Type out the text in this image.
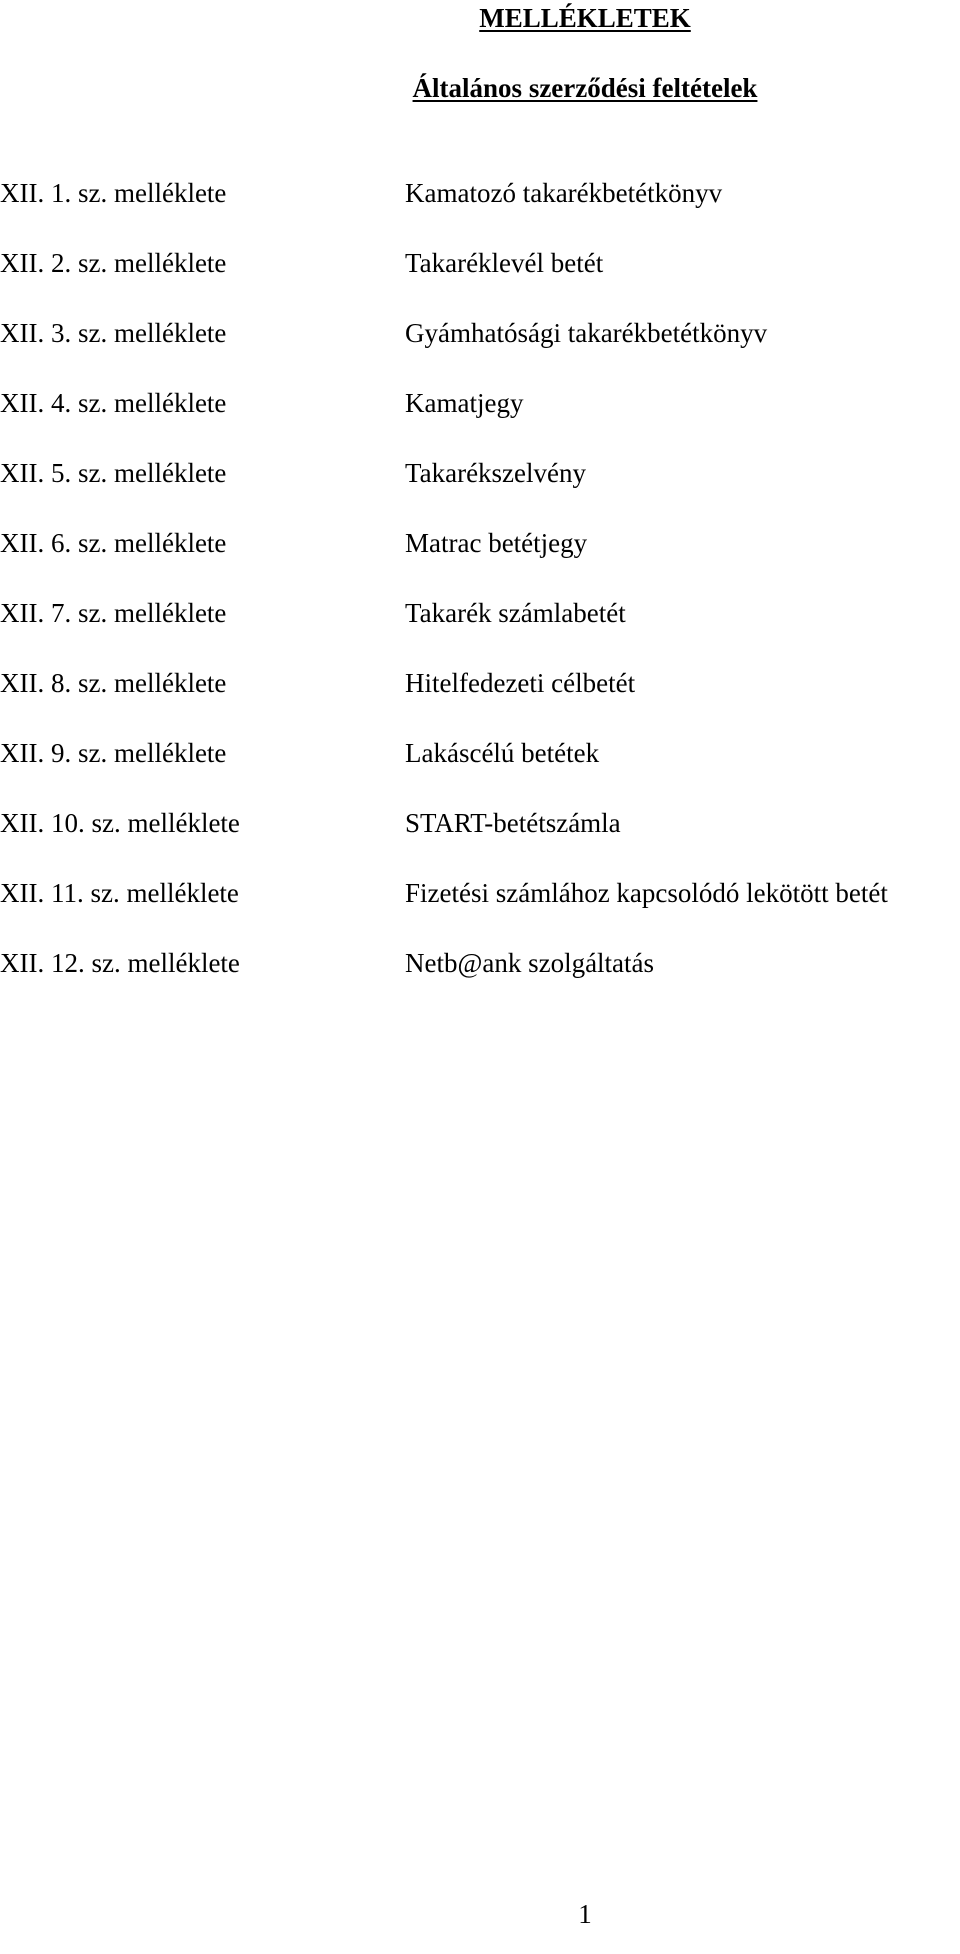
MELLÉKLETEK
Általános szerződési feltételek
XII. 1. sz. melléklete	Kamatozó takarékbetétkönyv
XII. 2. sz. melléklete	Takaréklevél betét
XII. 3. sz. melléklete	Gyámhatósági takarékbetétkönyv
XII. 4. sz. melléklete	Kamatjegy
XII. 5. sz. melléklete	Takarékszelvény
XII. 6. sz. melléklete	Matrac betétjegy
XII. 7. sz. melléklete	Takarék számlabetét
XII. 8. sz. melléklete	Hitelfedezeti célbetét
XII. 9. sz. melléklete	Lakáscélú betétek
XII. 10. sz. melléklete	START-betétszámla
XII. 11. sz. melléklete	Fizetési számlához kapcsolódó lekötött betét
XII. 12. sz. melléklete	Netb@ank szolgáltatás
1
